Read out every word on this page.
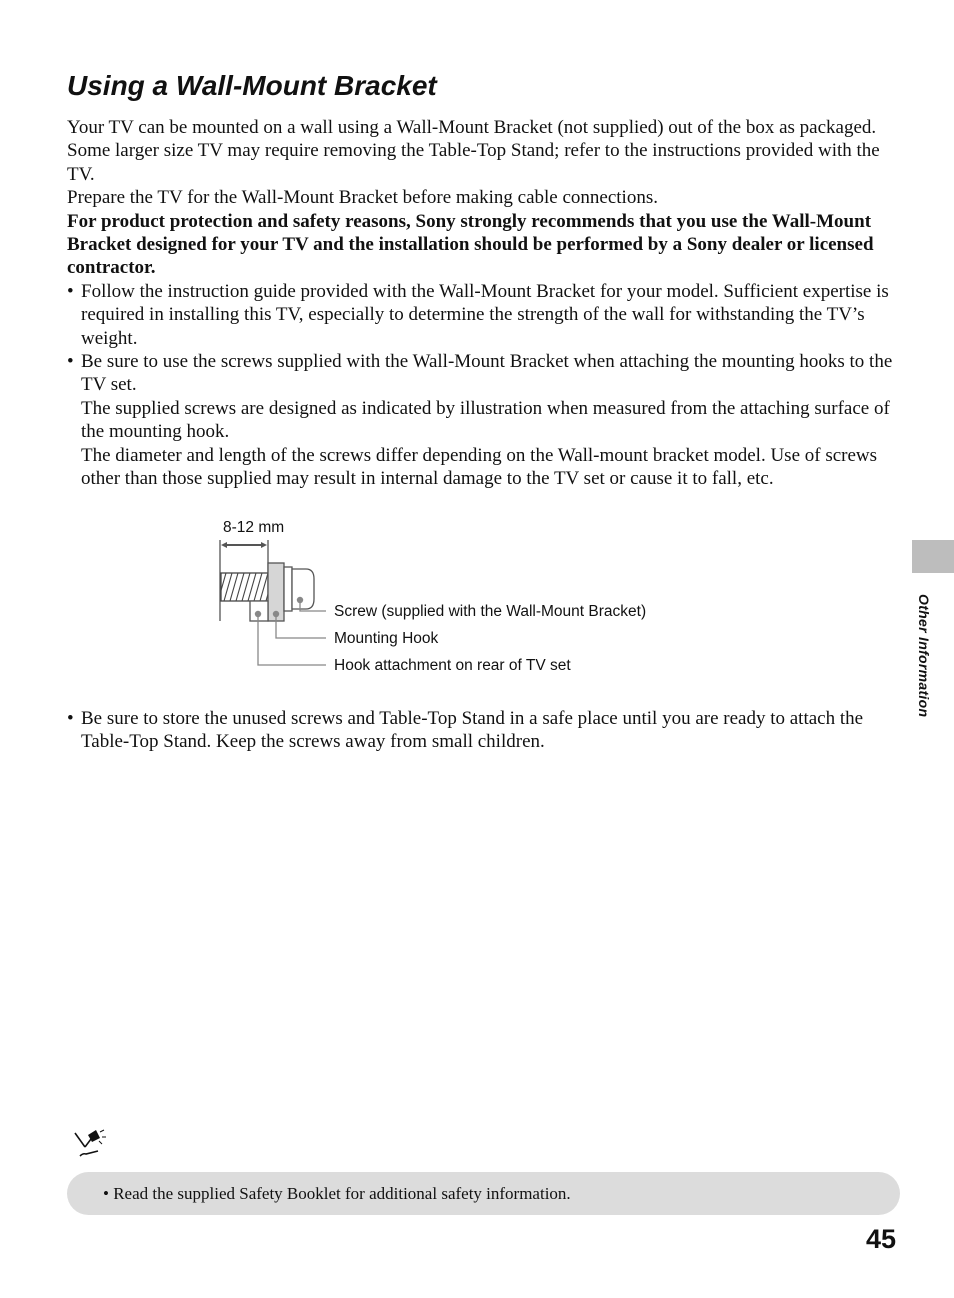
Using a Wall-Mount Bracket

Your TV can be mounted on a wall using a Wall-Mount Bracket (not supplied) out of the box as packaged. Some larger size TV may require removing the Table-Top Stand; refer to the instructions provided with the TV.

Prepare the TV for the Wall-Mount Bracket before making cable connections.

For product protection and safety reasons, Sony strongly recommends that you use the Wall-Mount Bracket designed for your TV and the installation should be performed by a Sony dealer or licensed contractor.

• Follow the instruction guide provided with the Wall-Mount Bracket for your model. Sufficient expertise is required in installing this TV, especially to determine the strength of the wall for withstanding the TV’s weight.

• Be sure to use the screws supplied with the Wall-Mount Bracket when attaching the mounting hooks to the TV set.

The supplied screws are designed as indicated by illustration when measured from the attaching surface of the mounting hook.

The diameter and length of the screws differ depending on the Wall-mount bracket model. Use of screws other than those supplied may result in internal damage to the TV set or cause it to fall, etc.

8-12 mm
Screw (supplied with the Wall-Mount Bracket)
Mounting Hook
Hook attachment on rear of TV set
• Be sure to store the unused screws and Table-Top Stand in a safe place until you are ready to attach the Table-Top Stand. Keep the screws away from small children.

Other Information
• Read the supplied Safety Booklet for additional safety information.
45
